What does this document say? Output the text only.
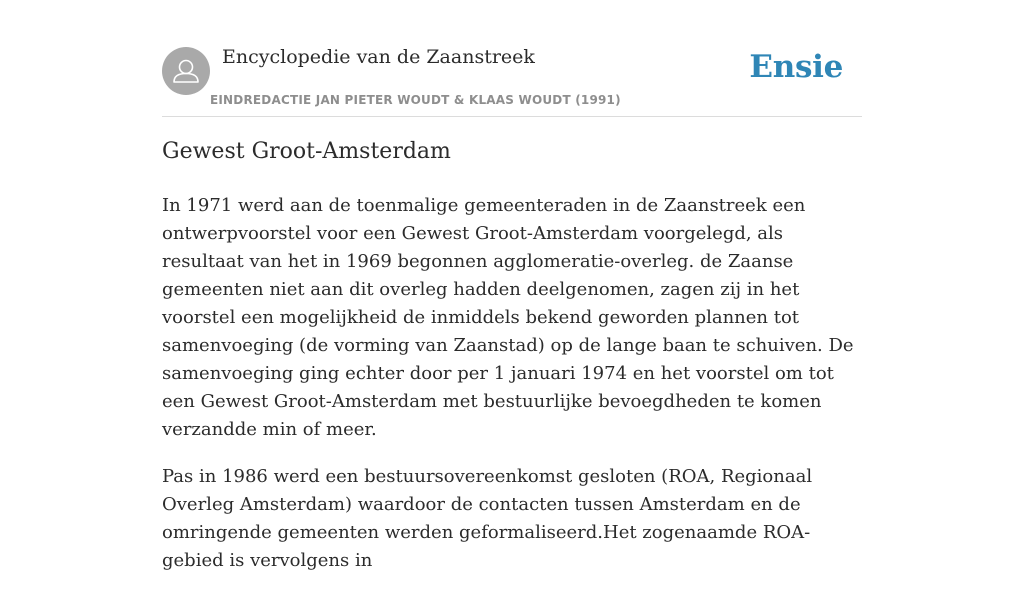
Encyclopedie van de Zaanstreek
EINDREDACTIE JAN PIETER WOUDT & KLAAS WOUDT (1991)
Ensie
Gewest Groot-Amsterdam

In 1971 werd aan de toenmalige gemeenteraden in de Zaanstreek een ontwerpvoorstel voor een Gewest Groot-Amsterdam voorgelegd, als resultaat van het in 1969 begonnen agglomeratie-overleg. de Zaanse gemeenten niet aan dit overleg hadden deelgenomen, zagen zij in het voorstel een mogelijkheid de inmiddels bekend geworden plannen tot samenvoeging (de vorming van Zaanstad) op de lange baan te schuiven. De samenvoeging ging echter door per 1 januari 1974 en het voorstel om tot een Gewest Groot-Amsterdam met bestuurlijke bevoegdheden te komen verzandde min of meer.

Pas in 1986 werd een bestuursovereenkomst gesloten (ROA, Regionaal Overleg Amsterdam) waardoor de contacten tussen Amsterdam en de omringende gemeenten werden geformaliseerd.Het zogenaamde ROA-gebied is vervolgens in
